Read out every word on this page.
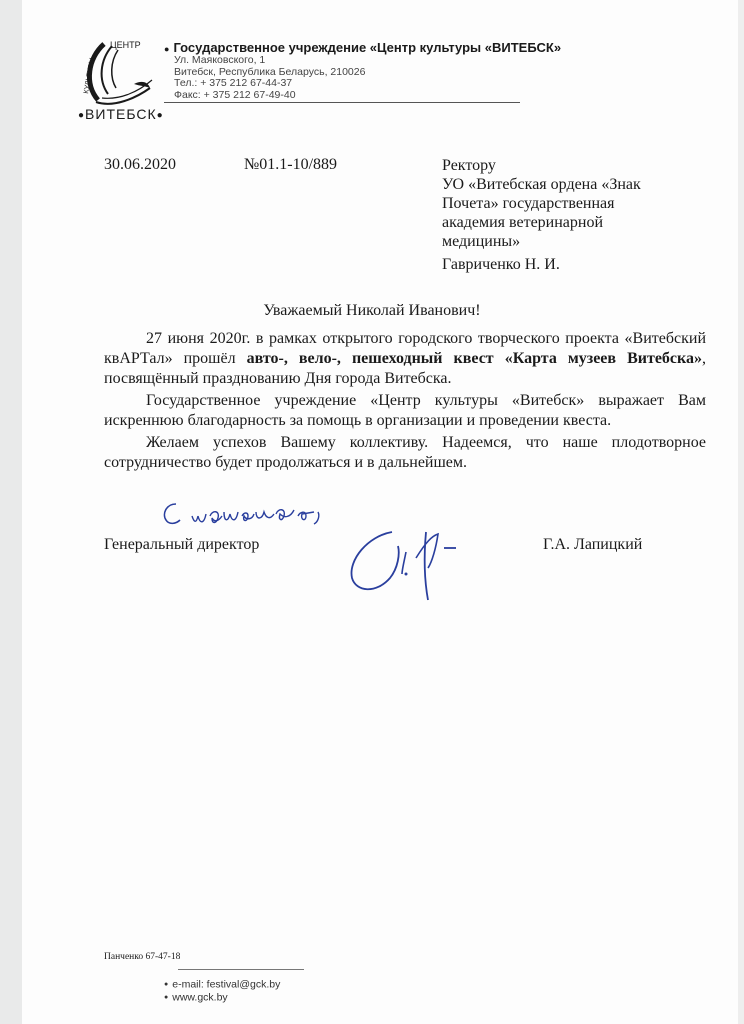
ЦЕНТР
КУЛЬТУРЫ
●ВИТЕБСК●
● Государственное учреждение «Центр культуры «ВИТЕБСК»
Ул. Маяковского, 1
Витебск, Республика Беларусь, 210026
Тел.: + 375 212 67-44-37
Факс: + 375 212 67-49-40
30.06.2020	№01.1-10/889	Ректору
УО «Витебская ордена «Знак
Почета» государственная
академия ветеринарной
медицины»
Гавриченко Н. И.
Уважаемый Николай Иванович!

27 июня 2020г. в рамках открытого городского творческого проекта «Витебский квАРТал» прошёл авто-, вело-, пешеходный квест «Карта музеев Витебска», посвящённый празднованию Дня города Витебска.

Государственное учреждение «Центр культуры «Витебск» выражает Вам искреннюю благодарность за помощь в организации и проведении квеста.

Желаем успехов Вашему коллективу. Надеемся, что наше плодотворное сотрудничество будет продолжаться и в дальнейшем.

Генеральный директор	Г.А. Лапицкий
Панченко 67-47-18
● e-mail: festival@gck.by
● www.gck.by
